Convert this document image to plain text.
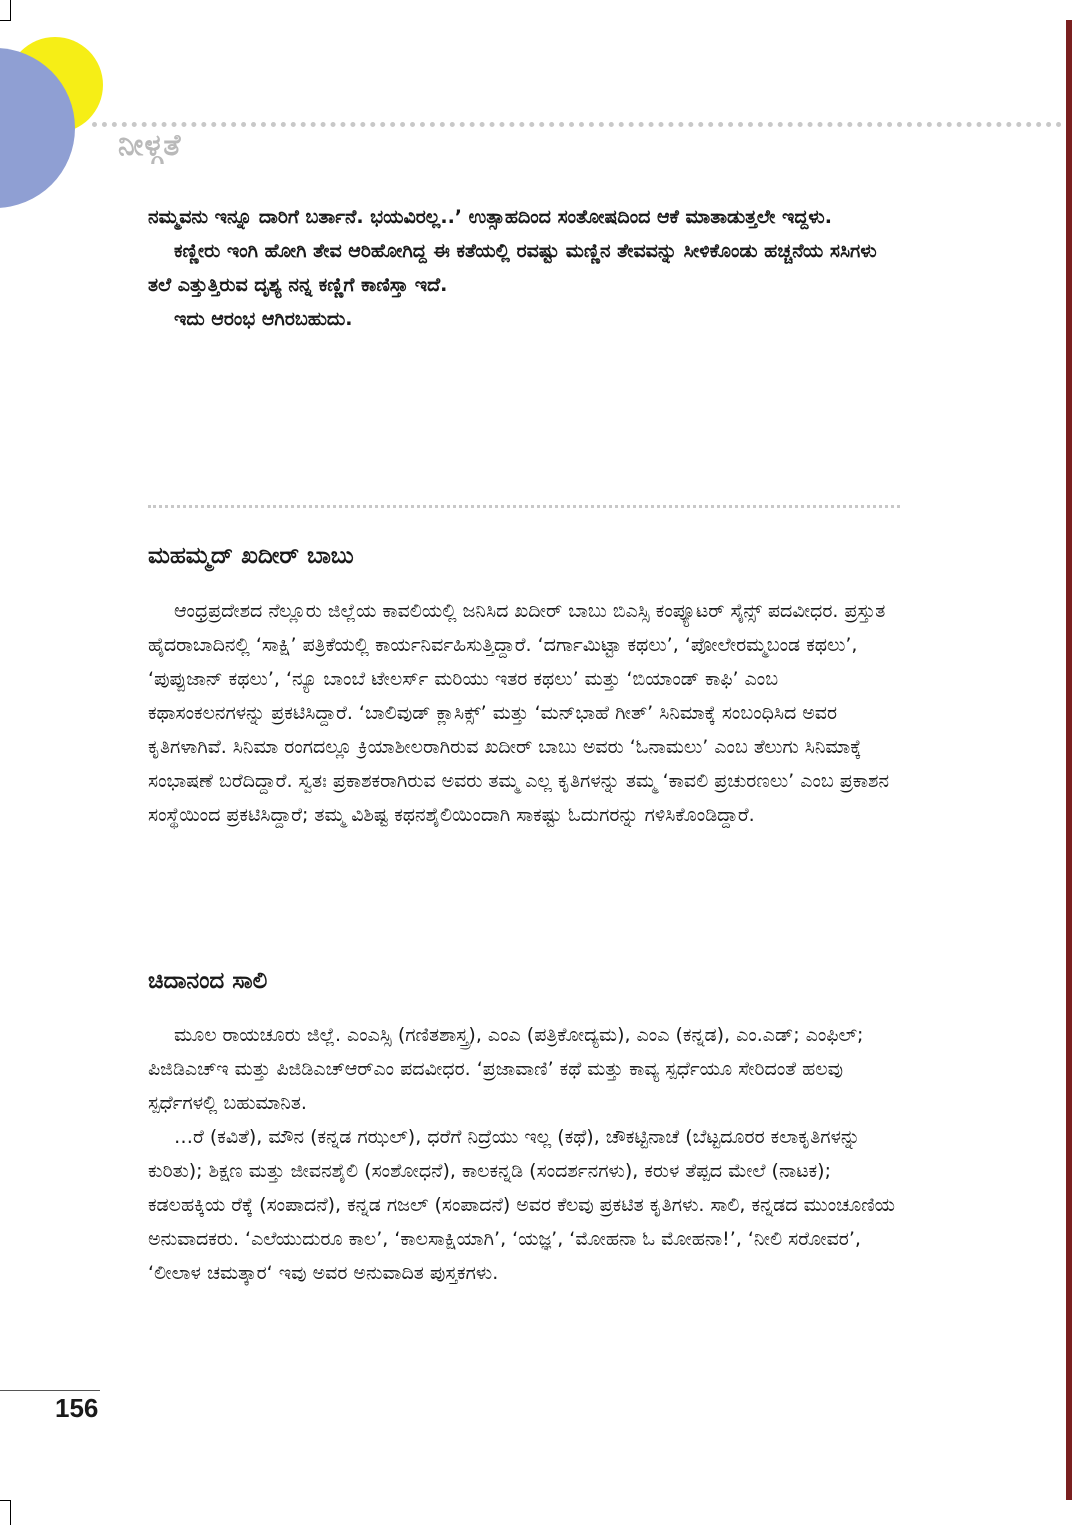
ನೀಳ್ಗತೆ

ನಮ್ಮವನು ಇನ್ನೂ ದಾರಿಗೆ ಬರ್ತಾನೆ. ಭಯವಿರಲ್ಲ..’ ಉತ್ಸಾಹದಿಂದ ಸಂತೋಷದಿಂದ ಆಕೆ ಮಾತಾಡುತ್ತಲೇ ಇದ್ದಳು.

ಕಣ್ಣೀರು ಇಂಗಿ ಹೋಗಿ ತೇವ ಆರಿಹೋಗಿದ್ದ ಈ ಕತೆಯಲ್ಲಿ ರವಷ್ಟು ಮಣ್ಣಿನ ತೇವವನ್ನು ಸೀಳಿಕೊಂಡು ಹಚ್ಚನೆಯ ಸಸಿಗಳು ತಲೆ ಎತ್ತುತ್ತಿರುವ ದೃಶ್ಯ ನನ್ನ ಕಣ್ಣಿಗೆ ಕಾಣಿಸ್ತಾ ಇದೆ.

ಇದು ಆರಂಭ ಆಗಿರಬಹುದು.

ಮಹಮ್ಮದ್ ಖದೀರ್ ಬಾಬು

ಆಂಧ್ರಪ್ರದೇಶದ ನೆಲ್ಲೂರು ಜಿಲ್ಲೆಯ ಕಾವಲಿಯಲ್ಲಿ ಜನಿಸಿದ ಖದೀರ್ ಬಾಬು ಬಿಎಸ್ಸಿ ಕಂಪ್ಯೂಟರ್ ಸೈನ್ಸ್ ಪದವೀಧರ. ಪ್ರಸ್ತುತ ಹೈದರಾಬಾದಿನಲ್ಲಿ ‘ಸಾಕ್ಷಿ’ ಪತ್ರಿಕೆಯಲ್ಲಿ ಕಾರ್ಯನಿರ್ವಹಿಸುತ್ತಿದ್ದಾರೆ. ‘ದರ್ಗಾಮಿಟ್ಟಾ ಕಥಲು’, ‘ಪೋಲೇರಮ್ಮಬಂಡ ಕಥಲು’, ‘ಪುಪ್ಪುಜಾನ್ ಕಥಲು’, ‘ನ್ಯೂ ಬಾಂಬೆ ಟೇಲರ್ಸ್ ಮರಿಯು ಇತರ ಕಥಲು’ ಮತ್ತು ‘ಬಿಯಾಂಡ್ ಕಾಫಿ’ ಎಂಬ ಕಥಾಸಂಕಲನಗಳನ್ನು ಪ್ರಕಟಿಸಿದ್ದಾರೆ. ‘ಬಾಲಿವುಡ್ ಕ್ಲಾಸಿಕ್ಸ್’ ಮತ್ತು ‘ಮನ್‌ಭಾಹೆ ಗೀತ್’ ಸಿನಿಮಾಕ್ಕೆ ಸಂಬಂಧಿಸಿದ ಅವರ ಕೃತಿಗಳಾಗಿವೆ. ಸಿನಿಮಾ ರಂಗದಲ್ಲೂ ಕ್ರಿಯಾಶೀಲರಾಗಿರುವ ಖದೀರ್ ಬಾಬು ಅವರು ‘ಓನಾಮಲು’ ಎಂಬ ತೆಲುಗು ಸಿನಿಮಾಕ್ಕೆ ಸಂಭಾಷಣೆ ಬರೆದಿದ್ದಾರೆ. ಸ್ವತಃ ಪ್ರಕಾಶಕರಾಗಿರುವ ಅವರು ತಮ್ಮ ಎಲ್ಲ ಕೃತಿಗಳನ್ನು ತಮ್ಮ ‘ಕಾವಲಿ ಪ್ರಚುರಣಲು’ ಎಂಬ ಪ್ರಕಾಶನ ಸಂಸ್ಥೆಯಿಂದ ಪ್ರಕಟಿಸಿದ್ದಾರೆ; ತಮ್ಮ ವಿಶಿಷ್ಟ ಕಥನಶೈಲಿಯಿಂದಾಗಿ ಸಾಕಷ್ಟು ಓದುಗರನ್ನು ಗಳಿಸಿಕೊಂಡಿದ್ದಾರೆ.

ಚಿದಾನಂದ ಸಾಲಿ

ಮೂಲ ರಾಯಚೂರು ಜಿಲ್ಲೆ. ಎಂಎಸ್ಸಿ (ಗಣಿತಶಾಸ್ತ್ರ), ಎಂಎ (ಪತ್ರಿಕೋದ್ಯಮ), ಎಂಎ (ಕನ್ನಡ), ಎಂ.ಎಡ್; ಎಂಫಿಲ್; ಪಿಜಿಡಿಎಚ್‌ಇ ಮತ್ತು ಪಿಜಿಡಿಎಚ್‌ಆರ್‌ಎಂ ಪದವೀಧರ. ‘ಪ್ರಜಾವಾಣಿ’ ಕಥೆ ಮತ್ತು ಕಾವ್ಯ ಸ್ಪರ್ಧೆಯೂ ಸೇರಿದಂತೆ ಹಲವು ಸ್ಪರ್ಧೆಗಳಲ್ಲಿ ಬಹುಮಾನಿತ.

…ರೆ (ಕವಿತೆ), ಮೌನ (ಕನ್ನಡ ಗಝಲ್), ಧರೆಗೆ ನಿದ್ರೆಯು ಇಲ್ಲ (ಕಥೆ), ಚೌಕಟ್ಟಿನಾಚೆ (ಬೆಟ್ಟದೂರರ ಕಲಾಕೃತಿಗಳನ್ನು ಕುರಿತು); ಶಿಕ್ಷಣ ಮತ್ತು ಜೀವನಶೈಲಿ (ಸಂಶೋಧನೆ), ಕಾಲಕನ್ನಡಿ (ಸಂದರ್ಶನಗಳು), ಕರುಳ ತೆಪ್ಪದ ಮೇಲೆ (ನಾಟಕ); ಕಡಲಹಕ್ಕಿಯ ರೆಕ್ಕೆ (ಸಂಪಾದನೆ), ಕನ್ನಡ ಗಜಲ್ (ಸಂಪಾದನೆ) ಅವರ ಕೆಲವು ಪ್ರಕಟಿತ ಕೃತಿಗಳು. ಸಾಲಿ, ಕನ್ನಡದ ಮುಂಚೂಣಿಯ ಅನುವಾದಕರು. ‘ಎಲೆಯುದುರೂ ಕಾಲ’, ‘ಕಾಲಸಾಕ್ಷಿಯಾಗಿ’, ‘ಯಜ್ಞ’, ‘ಮೋಹನಾ ಓ ಮೋಹನಾ!’, ‘ನೀಲಿ ಸರೋವರ’, ‘ಲೀಲಾಳ ಚಮತ್ಕಾರ‘ ಇವು ಅವರ ಅನುವಾದಿತ ಪುಸ್ತಕಗಳು.

156
